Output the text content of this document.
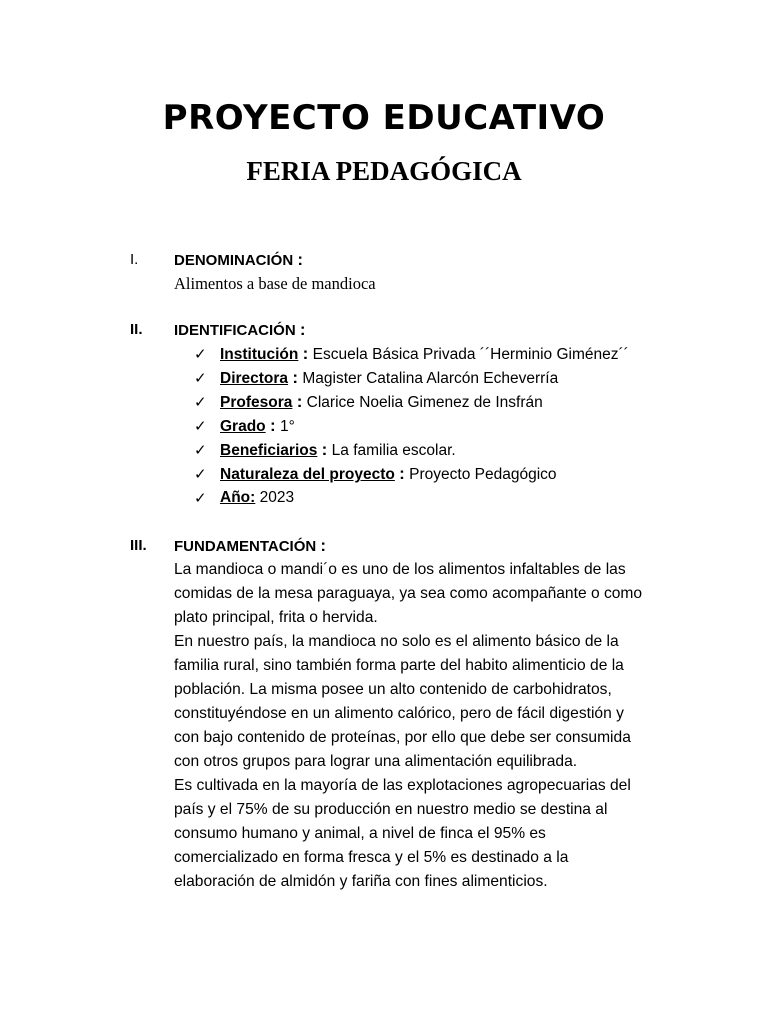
PROYECTO EDUCATIVO
FERIA PEDAGÓGICA
I. DENOMINACIÓN :
Alimentos a base de mandioca
II. IDENTIFICACIÓN :
✓ Institución : Escuela Básica Privada ´´Herminio Giménez´´
✓ Directora : Magister Catalina Alarcón Echeverría
✓ Profesora : Clarice Noelia Gimenez de Insfrán
✓ Grado : 1°
✓ Beneficiarios : La familia escolar.
✓ Naturaleza del proyecto : Proyecto Pedagógico
✓ Año: 2023
III. FUNDAMENTACIÓN :
La mandioca o mandi´o es uno de los alimentos infaltables de las
comidas de la mesa paraguaya, ya sea como acompañante o como
plato principal, frita o hervida.
En nuestro país, la mandioca no solo es el alimento básico de la
familia rural, sino también forma parte del habito alimenticio de la
población. La misma posee un alto contenido de carbohidratos,
constituyéndose en un alimento calórico, pero de fácil digestión y
con bajo contenido de proteínas, por ello que debe ser consumida
con otros grupos para lograr una alimentación equilibrada.
Es cultivada en la mayoría de las explotaciones agropecuarias del
país y el 75% de su producción en nuestro medio se destina al
consumo humano y animal, a nivel de finca el 95% es
comercializado en forma fresca y el 5% es destinado a la
elaboración de almidón y fariña con fines alimenticios.
